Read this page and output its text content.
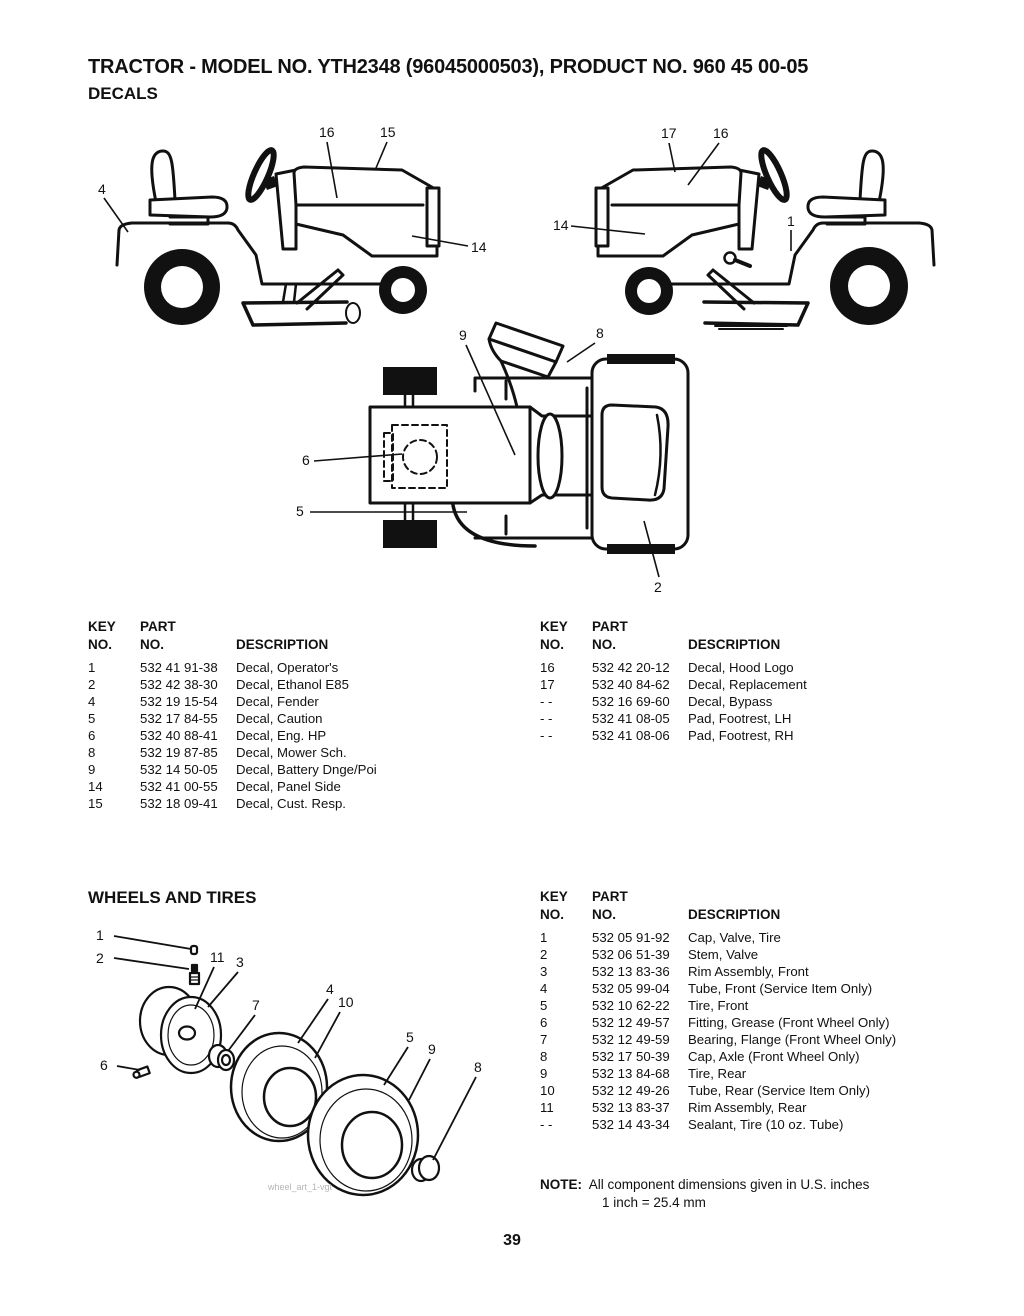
TRACTOR - MODEL NO. YTH2348 (96045000503), PRODUCT NO. 960 45 00-05
DECALS
4
16	15
14
17	16
14	1
9	8
6
5
2
KEY	PART
NO.	NO.	DESCRIPTION
1	532 41 91-38	Decal, Operator's
2	532 42 38-30	Decal, Ethanol E85
4	532 19 15-54	Decal, Fender
5	532 17 84-55	Decal, Caution
6	532 40 88-41	Decal, Eng. HP
8	532 19 87-85	Decal, Mower Sch.
9	532 14 50-05	Decal, Battery Dnge/Poi
14	532 41 00-55	Decal, Panel Side
15	532 18 09-41	Decal, Cust. Resp.
KEY	PART
NO.	NO.	DESCRIPTION
16	532 42 20-12	Decal, Hood Logo
17	532 40 84-62	Decal, Replacement
- -	532 16 69-60	Decal, Bypass
- -	532 41 08-05	Pad, Footrest, LH
- -	532 41 08-06	Pad, Footrest, RH
WHEELS AND TIRES
1
2	11 3
7
4
10
6
5
9
8
wheel_art_1-vgt
KEY	PART
NO.	NO.	DESCRIPTION
1	532 05 91-92	Cap, Valve, Tire
2	532 06 51-39	Stem, Valve
3	532 13 83-36	Rim Assembly, Front
4	532 05 99-04	Tube, Front (Service Item Only)
5	532 10 62-22	Tire, Front
6	532 12 49-57	Fitting, Grease (Front Wheel Only)
7	532 12 49-59	Bearing, Flange (Front Wheel Only)
8	532 17 50-39	Cap, Axle (Front Wheel Only)
9	532 13 84-68	Tire, Rear
10	532 12 49-26	Tube, Rear (Service Item Only)
11	532 13 83-37	Rim Assembly, Rear
- -	532 14 43-34	Sealant, Tire (10 oz. Tube)
NOTE: All component dimensions given in U.S. inches
1 inch = 25.4 mm
39
